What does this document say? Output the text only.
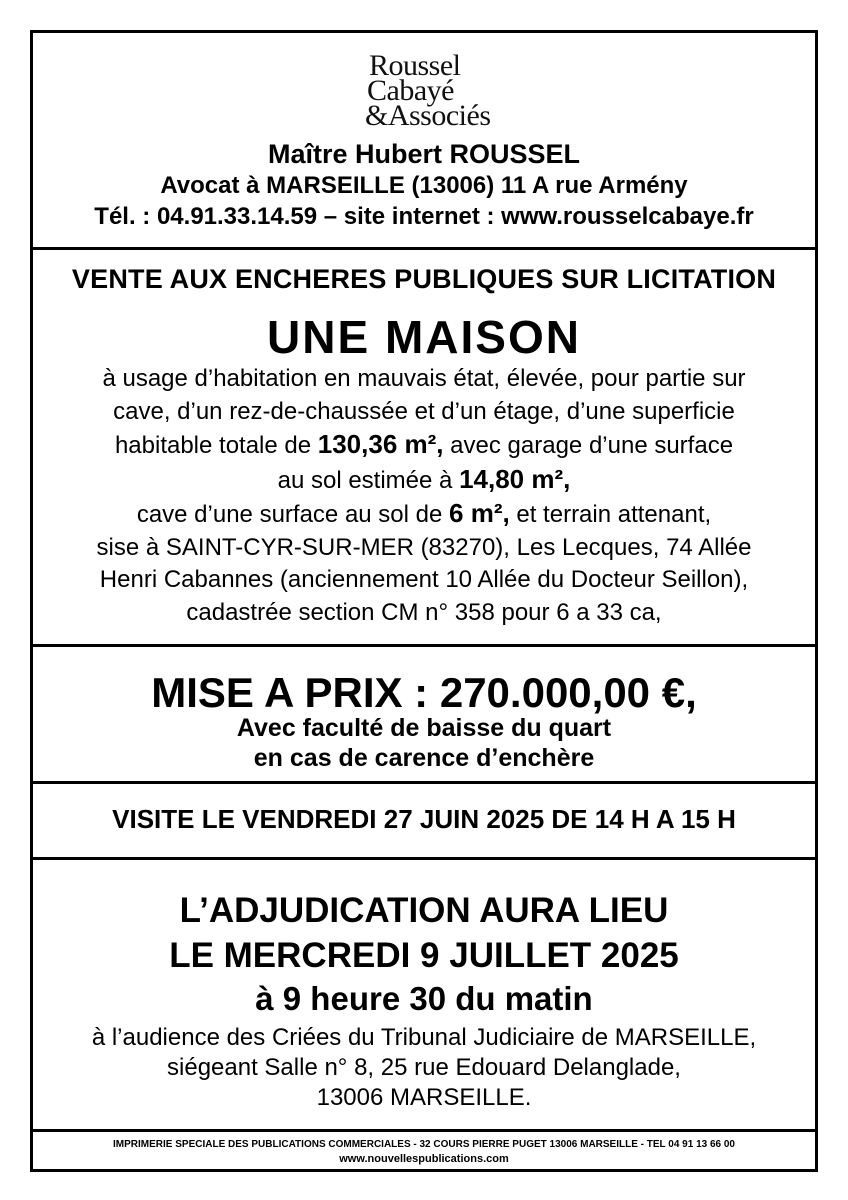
Roussel
Cabayé
&Associés
Maître Hubert ROUSSEL
Avocat à MARSEILLE (13006) 11 A rue Armény
Tél. : 04.91.33.14.59 – site internet : www.rousselcabaye.fr
VENTE AUX ENCHERES PUBLIQUES SUR LICITATION
UNE MAISON
à usage d’habitation en mauvais état, élevée, pour partie sur
cave, d’un rez-de-chaussée et d’un étage, d’une superficie
habitable totale de 130,36 m², avec garage d’une surface
au sol estimée à 14,80 m²,
cave d’une surface au sol de 6 m², et terrain attenant,
sise à SAINT-CYR-SUR-MER (83270), Les Lecques, 74 Allée
Henri Cabannes (anciennement 10 Allée du Docteur Seillon),
cadastrée section CM n° 358 pour 6 a 33 ca,
MISE A PRIX : 270.000,00 €,
Avec faculté de baisse du quart
en cas de carence d’enchère
VISITE LE VENDREDI 27 JUIN 2025 DE 14 H A 15 H
L’ADJUDICATION AURA LIEU
LE MERCREDI 9 JUILLET 2025
à 9 heure 30 du matin
à l’audience des Criées du Tribunal Judiciaire de MARSEILLE,
siégeant Salle n° 8, 25 rue Edouard Delanglade,
13006 MARSEILLE.
IMPRIMERIE SPECIALE DES PUBLICATIONS COMMERCIALES - 32 COURS PIERRE PUGET 13006 MARSEILLE - TEL 04 91 13 66 00
www.nouvellespublications.com
